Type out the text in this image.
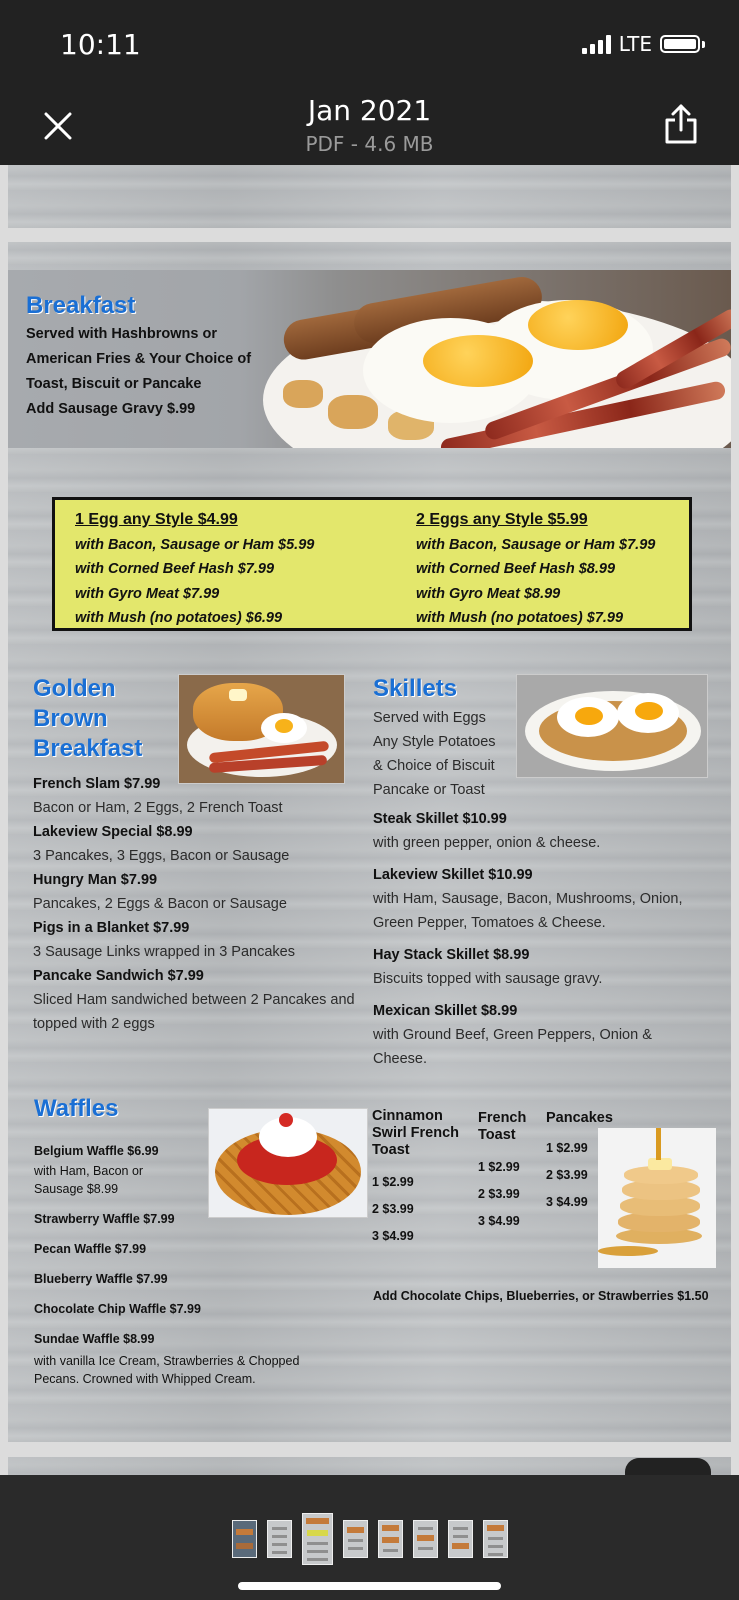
10:11	LTE
Jan 2021
PDF - 4.6 MB
Breakfast
Served with Hashbrowns or
American Fries & Your Choice of
Toast, Biscuit or Pancake
Add Sausage Gravy $.99
1 Egg any Style $4.99
with Bacon, Sausage or Ham $5.99
with Corned Beef Hash $7.99
with Gyro Meat $7.99
with Mush (no potatoes) $6.99
2 Eggs any Style $5.99
with Bacon, Sausage or Ham $7.99
with Corned Beef Hash $8.99
with Gyro Meat $8.99
with Mush (no potatoes) $7.99
Golden
Brown
Breakfast
French Slam $7.99
Bacon or Ham, 2 Eggs, 2 French Toast
Lakeview Special $8.99
3 Pancakes, 3 Eggs, Bacon or Sausage
Hungry Man $7.99
Pancakes, 2 Eggs & Bacon or Sausage
Pigs in a Blanket $7.99
3 Sausage Links wrapped in 3 Pancakes
Pancake Sandwich $7.99
Sliced Ham sandwiched between 2 Pancakes and
topped with 2 eggs
Skillets
Served with Eggs
Any Style Potatoes
& Choice of Biscuit
Pancake or Toast
Steak Skillet $10.99
with green pepper, onion & cheese.
Lakeview Skillet $10.99
with Ham, Sausage, Bacon, Mushrooms, Onion,
Green Pepper, Tomatoes & Cheese.
Hay Stack Skillet $8.99
Biscuits topped with sausage gravy.
Mexican Skillet $8.99
with Ground Beef, Green Peppers, Onion &
Cheese.
Waffles
Belgium Waffle $6.99
with Ham, Bacon or
Sausage $8.99
Strawberry Waffle $7.99
Pecan Waffle $7.99
Blueberry Waffle $7.99
Chocolate Chip Waffle $7.99
Sundae Waffle $8.99
with vanilla Ice Cream, Strawberries & Chopped
Pecans. Crowned with Whipped Cream.
Cinnamon
Swirl French
Toast
1 $2.99
2 $3.99
3 $4.99
French
Toast
1 $2.99
2 $3.99
3 $4.99
Pancakes
1 $2.99
2 $3.99
3 $4.99
Add Chocolate Chips, Blueberries, or Strawberries $1.50
